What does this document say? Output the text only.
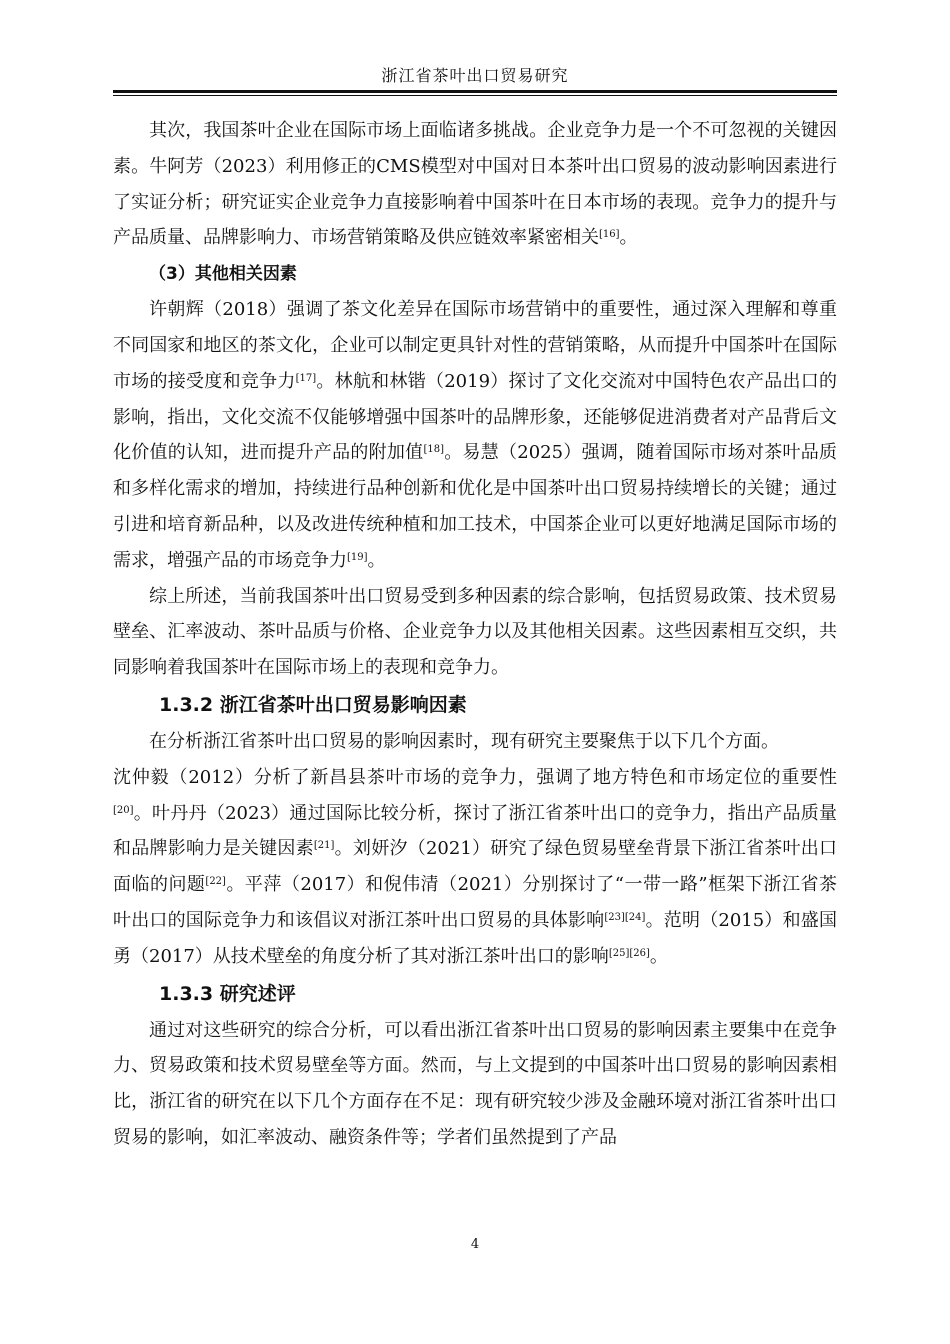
浙江省茶叶出口贸易研究

其次，我国茶叶企业在国际市场上面临诸多挑战。企业竞争力是一个不可忽视的关键因素。牛阿芳（2023）利用修正的CMS模型对中国对日本茶叶出口贸易的波动影响因素进行了实证分析；研究证实企业竞争力直接影响着中国茶叶在日本市场的表现。竞争力的提升与产品质量、品牌影响力、市场营销策略及供应链效率紧密相关[16]。

（3）其他相关因素

许朝辉（2018）强调了茶文化差异在国际市场营销中的重要性，通过深入理解和尊重不同国家和地区的茶文化，企业可以制定更具针对性的营销策略，从而提升中国茶叶在国际市场的接受度和竞争力[17]。林航和林锴（2019）探讨了文化交流对中国特色农产品出口的影响，指出，文化交流不仅能够增强中国茶叶的品牌形象，还能够促进消费者对产品背后文化价值的认知，进而提升产品的附加值[18]。易慧（2025）强调，随着国际市场对茶叶品质和多样化需求的增加，持续进行品种创新和优化是中国茶叶出口贸易持续增长的关键；通过引进和培育新品种，以及改进传统种植和加工技术，中国茶企业可以更好地满足国际市场的需求，增强产品的市场竞争力[19]。

综上所述，当前我国茶叶出口贸易受到多种因素的综合影响，包括贸易政策、技术贸易壁垒、汇率波动、茶叶品质与价格、企业竞争力以及其他相关因素。这些因素相互交织，共同影响着我国茶叶在国际市场上的表现和竞争力。

1.3.2 浙江省茶叶出口贸易影响因素

在分析浙江省茶叶出口贸易的影响因素时，现有研究主要聚焦于以下几个方面。

沈仲毅（2012）分析了新昌县茶叶市场的竞争力，强调了地方特色和市场定位的重要性[20]。叶丹丹（2023）通过国际比较分析，探讨了浙江省茶叶出口的竞争力，指出产品质量和品牌影响力是关键因素[21]。刘妍汐（2021）研究了绿色贸易壁垒背景下浙江省茶叶出口面临的问题[22]。平萍（2017）和倪伟清（2021）分别探讨了“一带一路”框架下浙江省茶叶出口的国际竞争力和该倡议对浙江茶叶出口贸易的具体影响[23][24]。范明（2015）和盛国勇（2017）从技术壁垒的角度分析了其对浙江茶叶出口的影响[25][26]。

1.3.3 研究述评

通过对这些研究的综合分析，可以看出浙江省茶叶出口贸易的影响因素主要集中在竞争力、贸易政策和技术贸易壁垒等方面。然而，与上文提到的中国茶叶出口贸易的影响因素相比，浙江省的研究在以下几个方面存在不足：现有研究较少涉及金融环境对浙江省茶叶出口贸易的影响，如汇率波动、融资条件等；学者们虽然提到了产品

4
